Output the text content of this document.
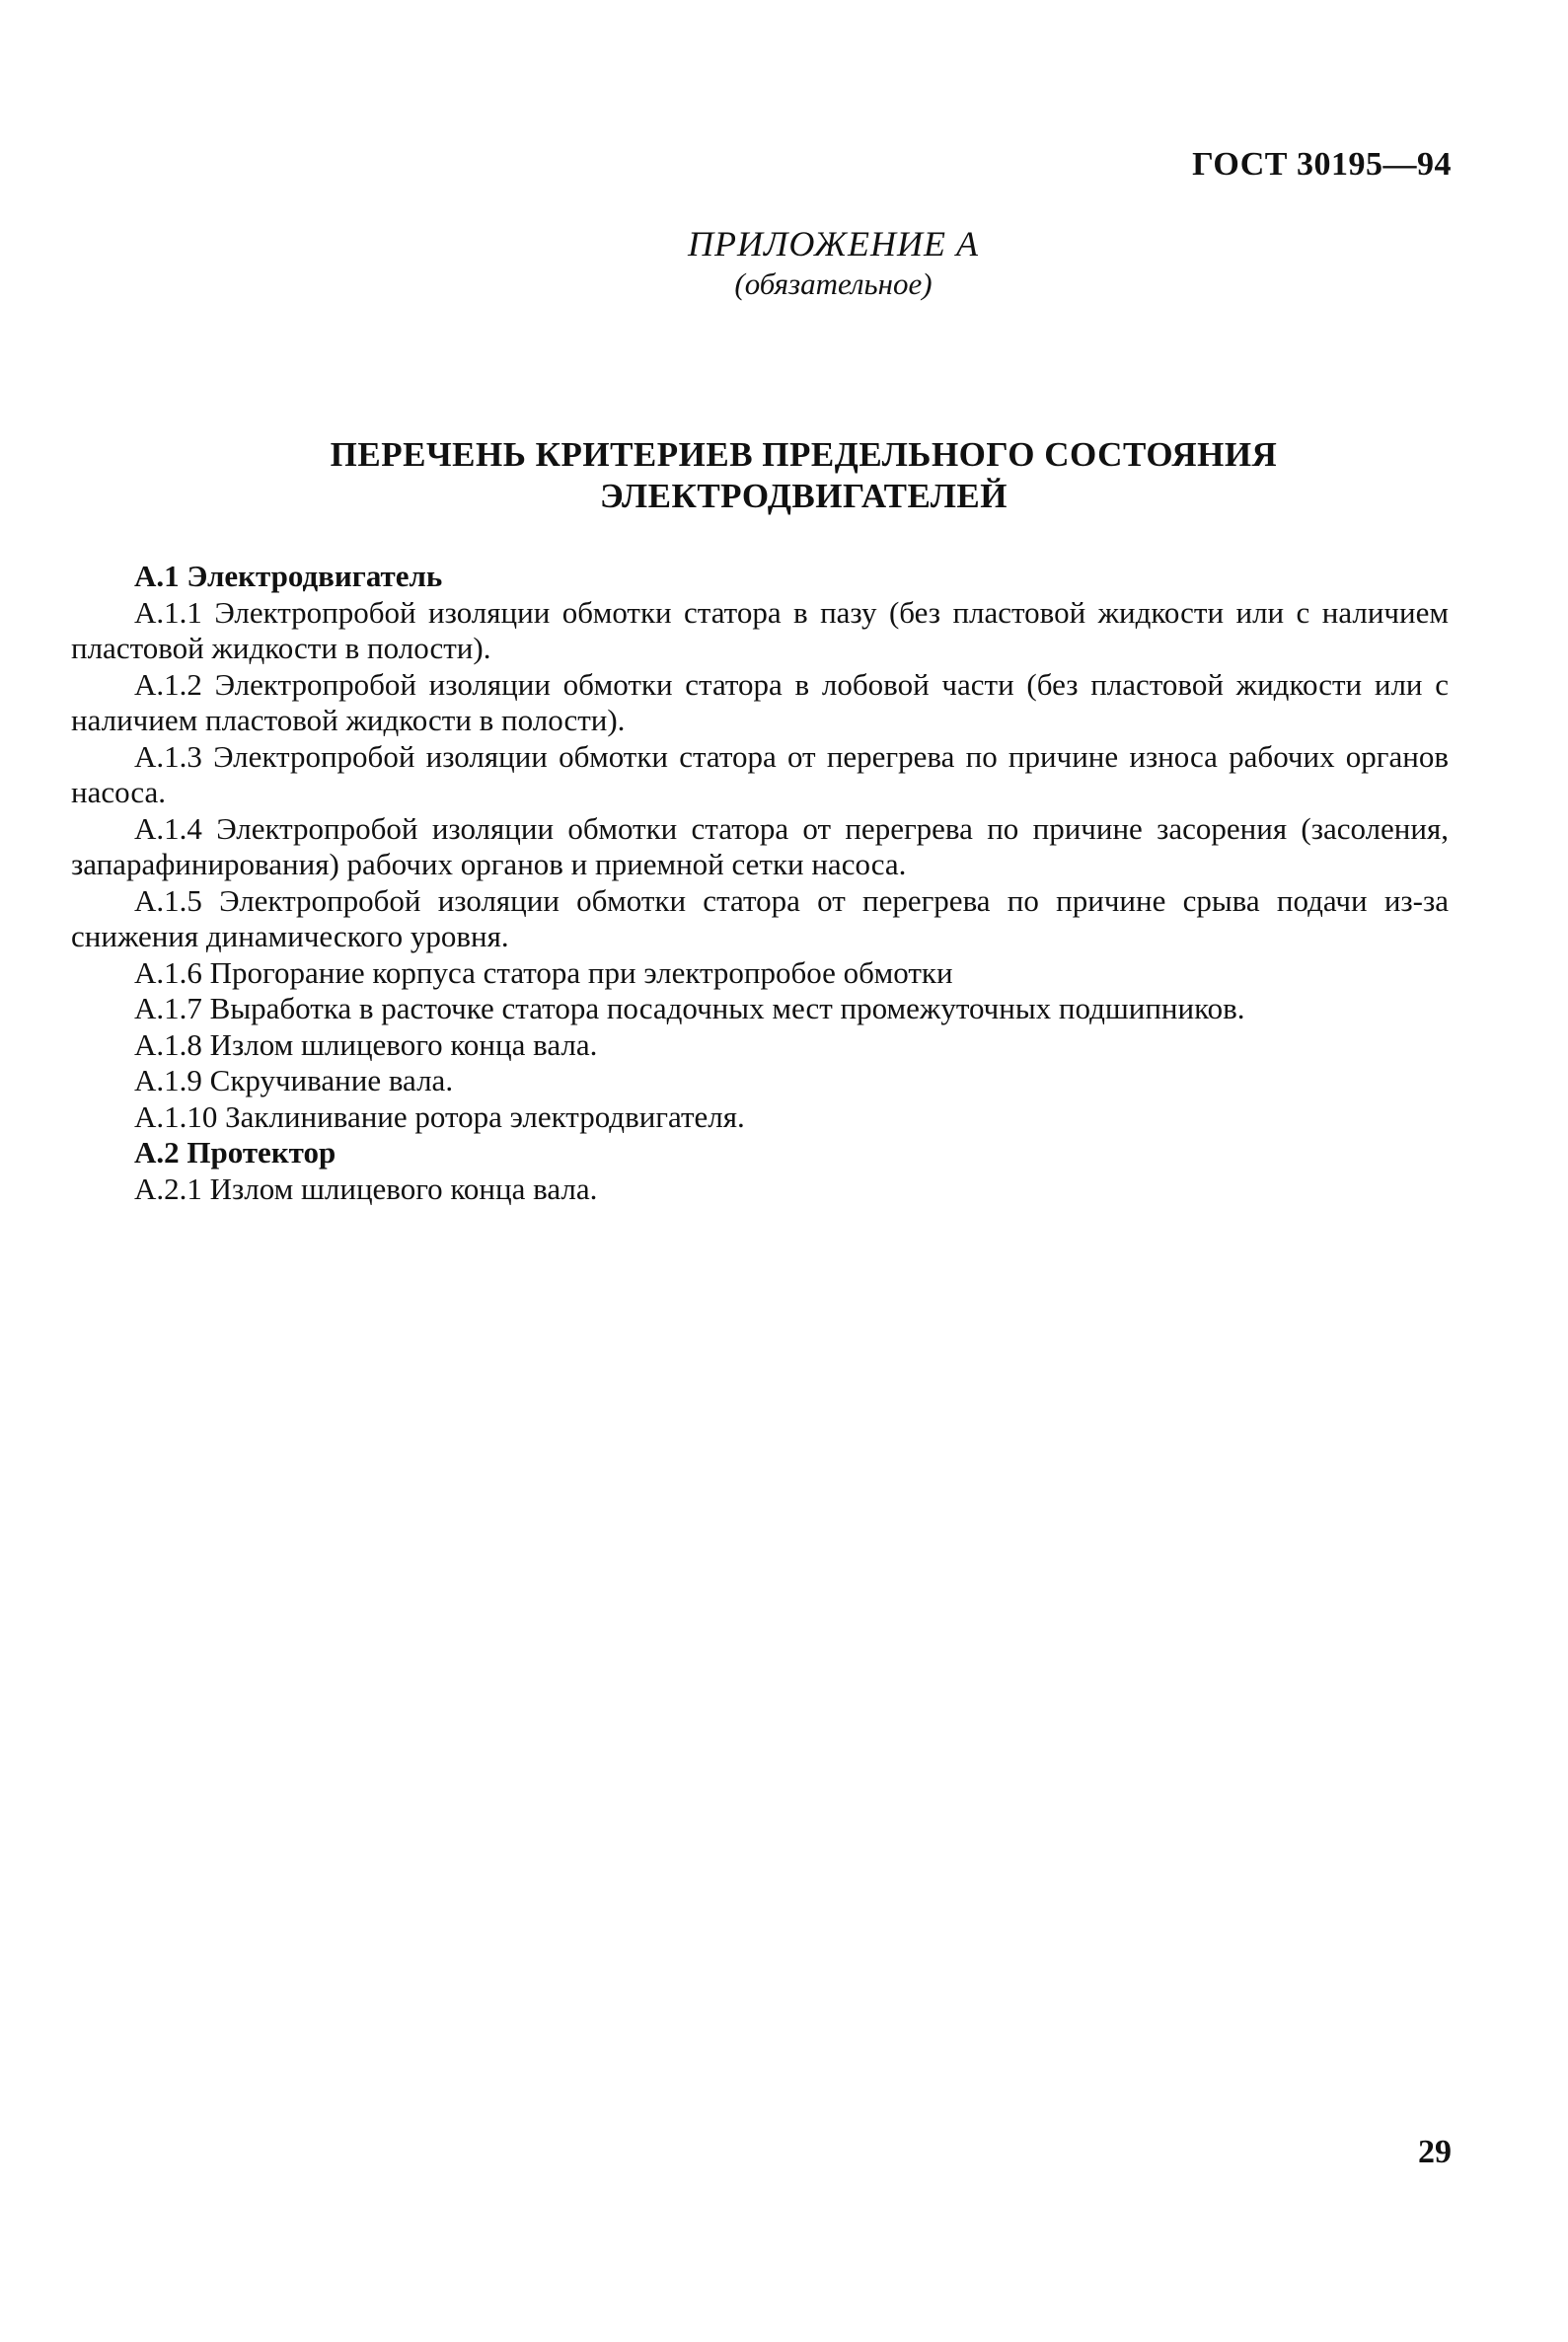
ГОСТ 30195—94
ПРИЛОЖЕНИЕ А
(обязательное)
ПЕРЕЧЕНЬ КРИТЕРИЕВ ПРЕДЕЛЬНОГО СОСТОЯНИЯ
ЭЛЕКТРОДВИГАТЕЛЕЙ
А.1 Электродвигатель

А.1.1 Электропробой изоляции обмотки статора в пазу (без пластовой жидкости или с наличием пластовой жидкости в полости).

А.1.2 Электропробой изоляции обмотки статора в лобовой части (без пластовой жидкости или с наличием пластовой жидкости в полости).

А.1.3 Электропробой изоляции обмотки статора от перегрева по причине износа рабочих органов насоса.

А.1.4 Электропробой изоляции обмотки статора от перегрева по причине засорения (засоления, запарафинирования) рабочих органов и приемной сетки насоса.

А.1.5 Электропробой изоляции обмотки статора от перегрева по причине срыва подачи из-за снижения динамического уровня.

А.1.6 Прогорание корпуса статора при электропробое обмотки

А.1.7 Выработка в расточке статора посадочных мест промежуточных подшипников.

А.1.8 Излом шлицевого конца вала.

А.1.9 Скручивание вала.

А.1.10 Заклинивание ротора электродвигателя.

А.2 Протектор

А.2.1 Излом шлицевого конца вала.

29
